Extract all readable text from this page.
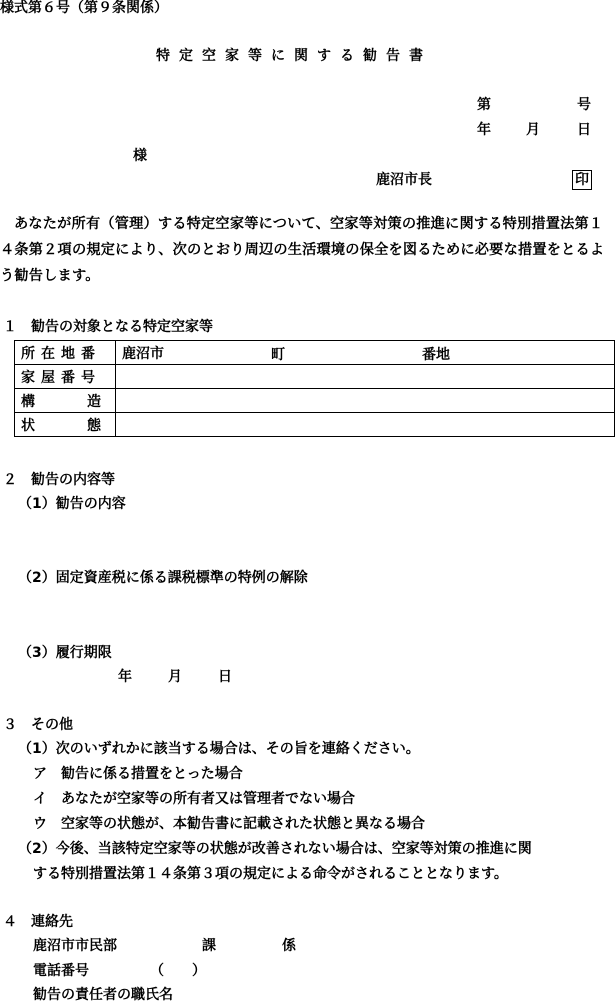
様式第６号（第９条関係）
特定空家等に関する勧告書
第	号
年	月	日
様
鹿沼市長	印
あなたが所有（管理）する特定空家等について、空家等対策の推進に関する特別措置法第１４条第２項の規定により、次のとおり周辺の生活環境の保全を図るために必要な措置をとるよう勧告します。
１　勧告の対象となる特定空家等
所在地番	鹿沼市 町 番地

家屋番号	

構 造	

状 態	

２　勧告の内容等
（1）勧告の内容
（2）固定資産税に係る課税標準の特例の解除
（3）履行期限
年	月	日
３　その他
（1）次のいずれかに該当する場合は、その旨を連絡ください。
ア　勧告に係る措置をとった場合
イ　あなたが空家等の所有者又は管理者でない場合
ウ　空家等の状態が、本勧告書に記載された状態と異なる場合
（2）今後、当該特定空家等の状態が改善されない場合は、空家等対策の推進に関
する特別措置法第１４条第３項の規定による命令がされることとなります。
４　連絡先
鹿沼市市民部	課	係
電話番号	（　　）
勧告の責任者の職氏名
